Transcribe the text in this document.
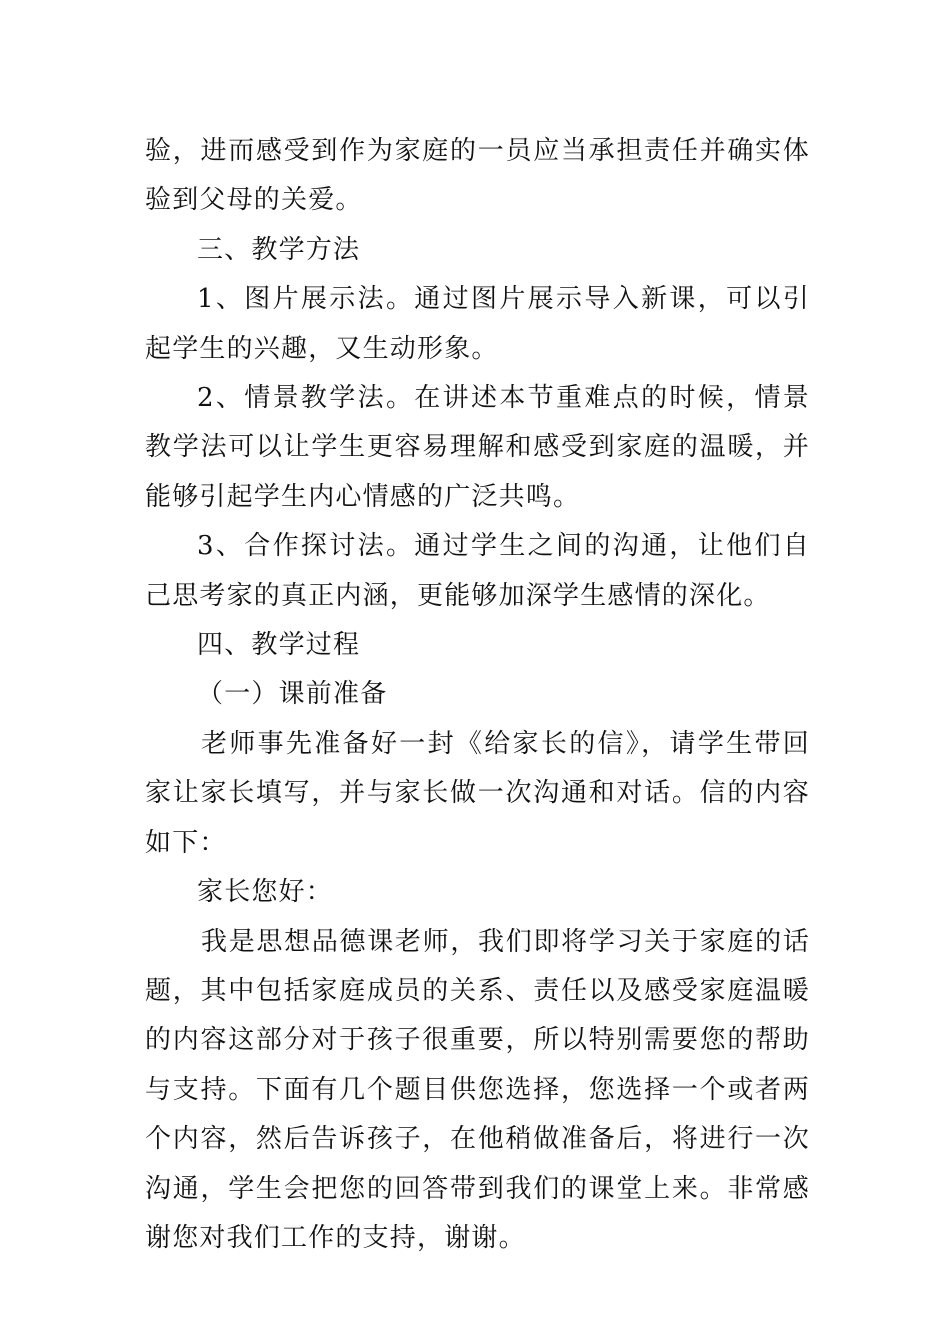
验，进而感受到作为家庭的一员应当承担责任并确实体验到父母的关爱。

三、教学方法

1、图片展示法。通过图片展示导入新课，可以引起学生的兴趣，又生动形象。

2、情景教学法。在讲述本节重难点的时候，情景教学法可以让学生更容易理解和感受到家庭的温暖，并能够引起学生内心情感的广泛共鸣。

3、合作探讨法。通过学生之间的沟通，让他们自己思考家的真正内涵，更能够加深学生感情的深化。

四、教学过程

（一）课前准备

老师事先准备好一封《给家长的信》，请学生带回家让家长填写，并与家长做一次沟通和对话。信的内容如下：

家长您好：

我是思想品德课老师，我们即将学习关于家庭的话题，其中包括家庭成员的关系、责任以及感受家庭温暖的内容这部分对于孩子很重要，所以特别需要您的帮助与支持。下面有几个题目供您选择，您选择一个或者两个内容，然后告诉孩子，在他稍做准备后，将进行一次沟通，学生会把您的回答带到我们的课堂上来。非常感谢您对我们工作的支持，谢谢。
